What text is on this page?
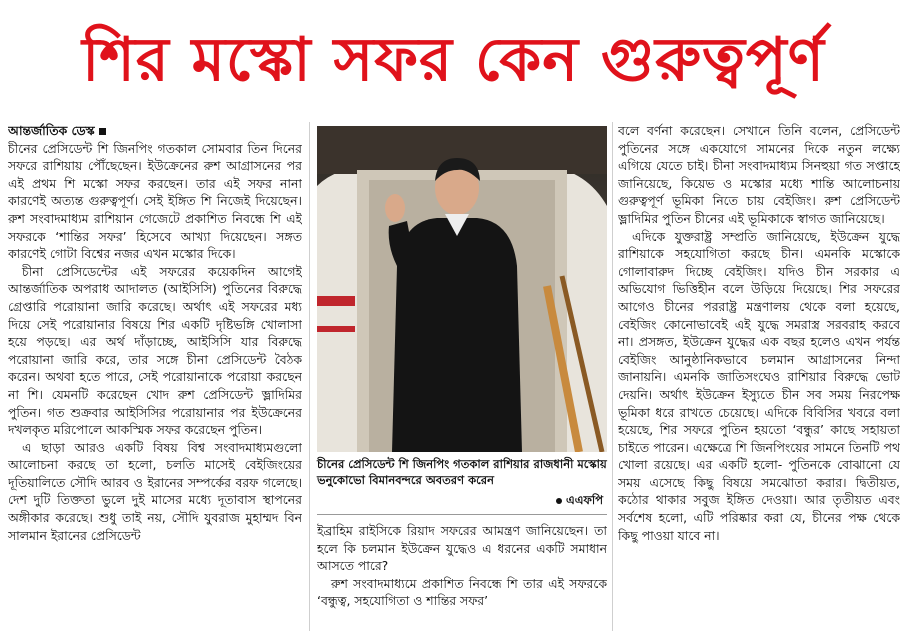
শির মস্কো সফর কেন গুরুত্বপূর্ণ

আন্তর্জাতিক ডেস্ক
চীনের প্রেসিডেন্ট শি জিনপিং গতকাল সোমবার তিন দিনের সফরে রাশিয়ায় পৌঁছেছেন। ইউক্রেনের রুশ আগ্রাসনের পর এই প্রথম শি মস্কো সফর করছেন। তার এই সফর নানা কারণেই অত্যন্ত গুরুত্বপূর্ণ। সেই ইঙ্গিত শি নিজেই দিয়েছেন। রুশ সংবাদমাধ্যম রাশিয়ান গেজেটে প্রকাশিত নিবন্ধে শি এই সফরকে ‘শান্তির সফর’ হিসেবে আখ্যা দিয়েছেন। সঙ্গত কারণেই গোটা বিশ্বের নজর এখন মস্কোর দিকে।

চীনা প্রেসিডেন্টের এই সফরের কয়েকদিন আগেই আন্তর্জাতিক অপরাধ আদালত (আইসিসি) পুতিনের বিরুদ্ধে গ্রেপ্তারি পরোয়ানা জারি করেছে। অর্থাৎ এই সফরের মধ্য দিয়ে সেই পরোয়ানার বিষয়ে শির একটি দৃষ্টিভঙ্গি খোলাসা হয়ে পড়ছে। এর অর্থ দাঁড়াচ্ছে, আইসিসি যার বিরুদ্ধে পরোয়ানা জারি করে, তার সঙ্গে চীনা প্রেসিডেন্ট বৈঠক করেন। অথবা হতে পারে, সেই পরোয়ানাকে পরোয়া করছেন না শি। যেমনটি করেছেন খোদ রুশ প্রেসিডেন্ট ভ্লাদিমির পুতিন। গত শুক্রবার আইসিসির পরোয়ানার পর ইউক্রেনের দখলকৃত মরিপোলে আকস্মিক সফর করেছেন পুতিন।

এ ছাড়া আরও একটি বিষয় বিশ্ব সংবাদমাধ্যমগুলো আলোচনা করছে তা হলো, চলতি মাসেই বেইজিংয়ের দূতিয়ালিতে সৌদি আরব ও ইরানের সম্পর্কের বরফ গলেছে। দেশ দুটি তিক্ততা ভুলে দুই মাসের মধ্যে দূতাবাস স্থাপনের অঙ্গীকার করেছে। শুধু তাই নয়, সৌদি যুবরাজ মুহাম্মদ বিন সালমান ইরানের প্রেসিডেন্ট

চীনের প্রেসিডেন্ট শি জিনপিং গতকাল রাশিয়ার রাজধানী মস্কোয় ভনুকোভো বিমানবন্দরে অবতরণ করেন
এএফপি

ইব্রাহিম রাইসিকে রিয়াদ সফরের আমন্ত্রণ জানিয়েছেন। তা হলে কি চলমান ইউক্রেন যুদ্ধেও এ ধরনের একটি সমাধান আসতে পারে?

রুশ সংবাদমাধ্যমে প্রকাশিত নিবন্ধে শি তার এই সফরকে ‘বন্ধুত্ব, সহযোগিতা ও শান্তির সফর’

বলে বর্ণনা করেছেন। সেখানে তিনি বলেন, প্রেসিডেন্ট পুতিনের সঙ্গে একযোগে সামনের দিকে নতুন লক্ষ্যে এগিয়ে যেতে চাই। চীনা সংবাদমাধ্যম সিনহুয়া গত সপ্তাহে জানিয়েছে, কিয়েভ ও মস্কোর মধ্যে শান্তি আলোচনায় গুরুত্বপূর্ণ ভূমিকা নিতে চায় বেইজিং। রুশ প্রেসিডেন্ট ভ্লাদিমির পুতিন চীনের এই ভূমিকাকে স্বাগত জানিয়েছে।

এদিকে যুক্তরাষ্ট্র সম্প্রতি জানিয়েছে, ইউক্রেন যুদ্ধে রাশিয়াকে সহযোগিতা করছে চীন। এমনকি মস্কোকে গোলাবারুদ দিচ্ছে বেইজিং। যদিও চীন সরকার এ অভিযোগ ভিত্তিহীন বলে উড়িয়ে দিয়েছে। শির সফরের আগেও চীনের পররাষ্ট্র মন্ত্রণালয় থেকে বলা হয়েছে, বেইজিং কোনোভাবেই এই যুদ্ধে সমরাস্ত্র সরবরাহ করবে না। প্রসঙ্গত, ইউক্রেন যুদ্ধের এক বছর হলেও এখন পর্যন্ত বেইজিং আনুষ্ঠানিকভাবে চলমান আগ্রাসনের নিন্দা জানায়নি। এমনকি জাতিসংঘেও রাশিয়ার বিরুদ্ধে ভোট দেয়নি। অর্থাৎ ইউক্রেন ইস্যুতে চীন সব সময় নিরপেক্ষ ভূমিকা ধরে রাখতে চেয়েছে। এদিকে বিবিসির খবরে বলা হয়েছে, শির সফরে পুতিন হয়তো ‘বন্ধুর’ কাছে সহায়তা চাইতে পারেন। এক্ষেত্রে শি জিনপিংয়ের সামনে তিনটি পথ খোলা রয়েছে। এর একটি হলো- পুতিনকে বোঝানো যে সময় এসেছে কিছু বিষয়ে সমঝোতা করার। দ্বিতীয়ত, কঠোর থাকার সবুজ ইঙ্গিত দেওয়া। আর তৃতীয়ত এবং সর্বশেষ হলো, এটি পরিষ্কার করা যে, চীনের পক্ষ থেকে কিছু পাওয়া যাবে না।
